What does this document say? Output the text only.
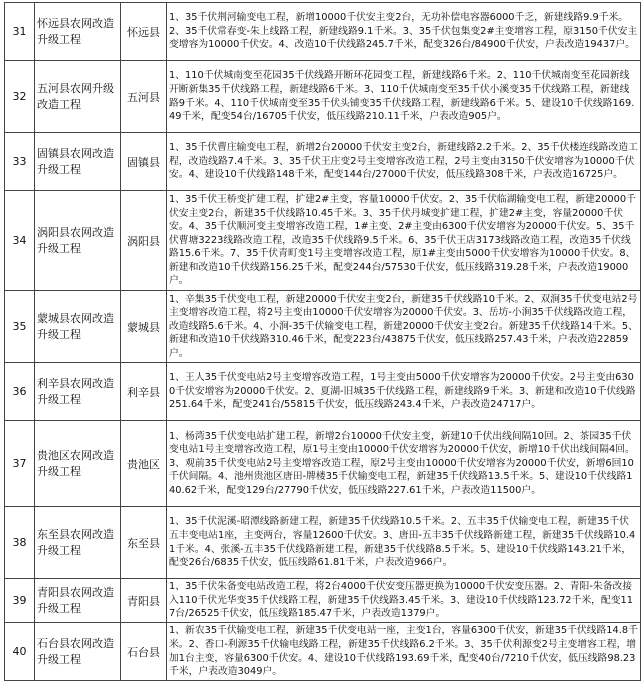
31	怀远县农网改造升级工程	怀远县	1、35千伏荆河输变电工程，新增10000千伏安主变2台，无功补偿电容器6000千乏，新建线路9.9千米。2、35千伏常春变-朱上线路工程，新建线路9.1千米。3、35千伏包集变2#主变增容工程，原3150千伏安主变增容为10000千伏安。4、改造10千伏线路245.7千米，配变326台/84900千伏安，户表改造19437户。
32	五河县农网升级改造工程	五河县	1、110千伏城南变至花园35千伏线路开断环花园变工程，新建线路6千米。2、110千伏城南变至花园新线开断新集35千伏线路工程，新建线路6千米。3、110千伏城南变至35千伏小溪变35千伏线路工程，新建线路9千米。4、110千伏城南变至35千伏头铺变35千伏线路工程，新建线路6千米。5、建设10千伏线路169.49千米，配变54台/16705千伏安，低压线路210.11千米，户表改造905户。
33	固镇县农网改造升级工程	固镇县	1、35千伏曹庄输变电工程，新增2台20000千伏安主变2台，新建线路2.2千米。2、35千伏楼连线路改造工程，改造线路7.4千米。3、35千伏王庄变2号主变增容改造工程，2号主变由3150千伏安增容为10000千伏安。4、建设10千伏线路148千米，配变144台/27000千伏安，低压线路308千米，户表改造16725户。
34	涡阳县农网改造升级工程	涡阳县	1、35千伏王桥变扩建工程，扩建2#主变，容量10000千伏安。2、35千伏临湖输变电工程，新建20000千伏安主变2台，新建35千伏线路10.45千米。3、35千伏丹城变扩建工程，扩建2#主变，容量20000千伏安。4、35千伏顺河变主变增容改造工程，1#主变、2#主变由6300千伏安增容为20000千伏安。5、35千伏曹塘3223线路改造工程，改造35千伏线路9.5千米。6、35千伏王店3173线路改造工程，改造35千伏线路15.6千米。7、35千伏青町变1号主变增容改造工程，原1#主变由5000千伏安增容为10000千伏安。8、新建和改造10千伏线路156.25千米，配变244台/57530千伏安，低压线路319.28千米，户表改造19000户。
35	蒙城县农网改造升级工程	蒙城县	1、辛集35千伏变电工程，新建20000千伏安主变2台，新建35千伏线路10千米。2、双涧35千伏变电站2号主变增容改造工程，将2号主变由10000千伏安增容为20000千伏安。3、岳坊-小涧35千伏线路改造工程，改造线路5.6千米。4、小涧-35千伏输变电工程，新建20000千伏安主变2台。新建35千伏线路14千米。5、新建和改造10千伏线路310.46千米，配变223台/43875千伏安，低压线路257.43千米，户表改造22859户。
36	利辛县农网改造升级工程	利辛县	1、王人35千伏变电站2号主变增容改造工程，1号主变由5000千伏安增容为20000千伏安。2号主变由6300千伏安增容为20000千伏安。2、夏湖-旧城35千伏线路工程，新建线路9千米。3、新建和改造10千伏线路251.64千米，配变241台/55815千伏安，低压线路243.4千米，户表改造24717户。
37	贵池区农网改造升级工程	贵池区	1、杨湾35千伏变电站扩建工程，新增2台10000千伏安主变，新建10千伏出线间隔10回。2、茶园35千伏变电站1号主变增容改造工程，原1号主变由10000千伏安增容为20000千伏安，新增10千伏出线间隔4回。3、观前35千伏变电站2号主变增容改造工程，原2号主变由10000千伏安增容为20000千伏安，新增6回10千伏间隔。4、池州贵池区唐田-牌楼35千伏输变电工程，新建35千伏线路13.5千米。5、建设10千伏线路140.62千米，配变129台/27790千伏安，低压线路227.61千米，户表改造11500户。
38	东至县农网改造升级工程	东至县	1、35千伏泥溪-昭潭线路新建工程，新建35千伏线路10.5千米。2、五丰35千伏输变电工程，新建35千伏五丰变电站1座，主变两台，容量12600千伏安。3、唐田-五丰35千伏线路新建工程，新建35千伏线路10.41千米。4、张溪-五丰35千伏线路新建工程，新建35千伏线路8.5千米。5、建设10千伏线路143.21千米，配变26台/6835千伏安，低压线路61.81千米，户表改造966户。
39	青阳县农网改造升级工程	青阳县	1、35千伏朱备变电站改造工程，将2台4000千伏安变压器更换为10000千伏安变压器。2、青阳-朱备改接入110千伏光华变35千伏线路工程，新建35千伏线路3.45千米。3、建设10千伏线路123.72千米，配变117台/26525千伏安，低压线路185.47千米，户表改造1379户。
40	石台县农网改造升级工程	石台县	1、新农35千伏输变电工程，新建35千伏变电站一座，主变1台，容量6300千伏安，新建35千伏线路14.8千米。2、香口-利源35千伏输电线路工程，新建35千伏线路6.2千米。3、35千伏利源变2号主变增容工程，增加1台主变，容量6300千伏安。4、建设10千伏线路193.69千米，配变40台/7210千伏安，低压线路98.23千米，户表改造3049户。
